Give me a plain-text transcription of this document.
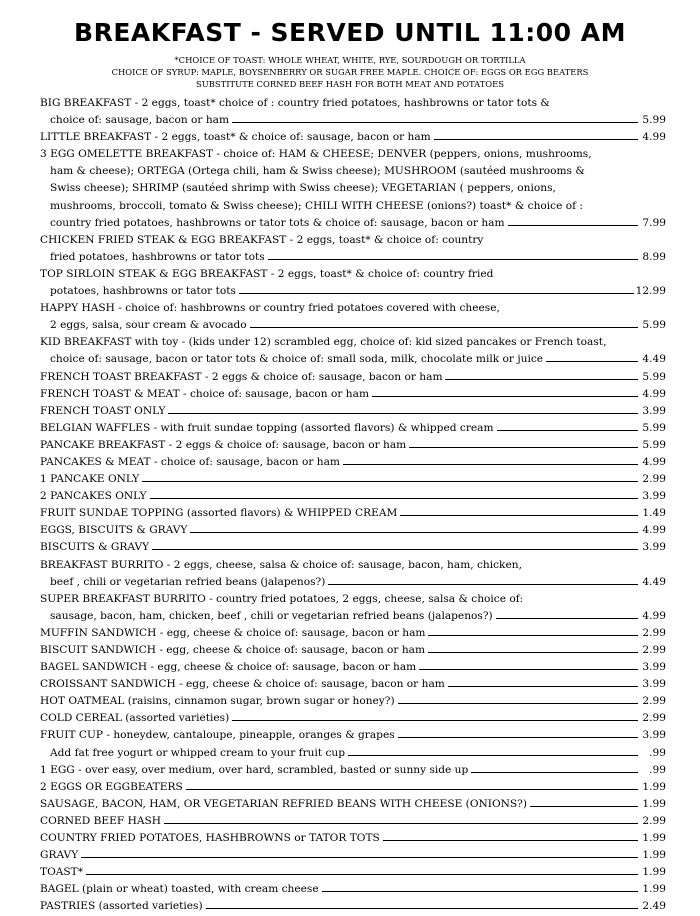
BREAKFAST - SERVED UNTIL 11:00 AM
*CHOICE OF TOAST: WHOLE WHEAT, WHITE, RYE, SOURDOUGH OR TORTILLA
CHOICE OF SYRUP: MAPLE, BOYSENBERRY OR SUGAR FREE MAPLE. CHOICE OF: EGGS OR EGG BEATERS
SUBSTITUTE CORNED BEEF HASH FOR BOTH MEAT AND POTATOES
BIG BREAKFAST - 2 eggs, toast* choice of : country fried potatoes, hashbrowns or tator tots &
choice of: sausage, bacon or ham	5.99
LITTLE BREAKFAST - 2 eggs, toast* & choice of: sausage, bacon or ham	4.99
3 EGG OMELETTE BREAKFAST - choice of: HAM & CHEESE; DENVER (peppers, onions, mushrooms,
ham & cheese); ORTEGA (Ortega chili, ham & Swiss cheese); MUSHROOM (sautéed mushrooms &
Swiss cheese); SHRIMP (sautéed shrimp with Swiss cheese); VEGETARIAN ( peppers, onions,
mushrooms, broccoli, tomato & Swiss cheese); CHILI WITH CHEESE (onions?) toast* & choice of :
country fried potatoes, hashbrowns or tator tots & choice of: sausage, bacon or ham	7.99
CHICKEN FRIED STEAK & EGG BREAKFAST - 2 eggs, toast* & choice of: country
fried potatoes, hashbrowns or tator tots	8.99
TOP SIRLOIN STEAK & EGG BREAKFAST - 2 eggs, toast* & choice of: country fried
potatoes, hashbrowns or tator tots	12.99
HAPPY HASH - choice of: hashbrowns or country fried potatoes covered with cheese,
2 eggs, salsa, sour cream & avocado	5.99
KID BREAKFAST with toy - (kids under 12) scrambled egg, choice of: kid sized pancakes or French toast,
choice of: sausage, bacon or tator tots & choice of: small soda, milk, chocolate milk or juice	4.49
FRENCH TOAST BREAKFAST - 2 eggs & choice of: sausage, bacon or ham	5.99
FRENCH TOAST & MEAT - choice of: sausage, bacon or ham	4.99
FRENCH TOAST ONLY	3.99
BELGIAN WAFFLES - with fruit sundae topping (assorted flavors) & whipped cream	5.99
PANCAKE BREAKFAST - 2 eggs & choice of: sausage, bacon or ham	5.99
PANCAKES & MEAT - choice of: sausage, bacon or ham	4.99
1 PANCAKE ONLY	2.99
2 PANCAKES ONLY	3.99
FRUIT SUNDAE TOPPING (assorted flavors) & WHIPPED CREAM	1.49
EGGS, BISCUITS & GRAVY	4.99
BISCUITS & GRAVY	3.99
BREAKFAST BURRITO - 2 eggs, cheese, salsa & choice of: sausage, bacon, ham, chicken,
beef , chili or vegetarian refried beans (jalapenos?)	4.49
SUPER BREAKFAST BURRITO - country fried potatoes, 2 eggs, cheese, salsa & choice of:
sausage, bacon, ham, chicken, beef , chili or vegetarian refried beans (jalapenos?)	4.99
MUFFIN SANDWICH - egg, cheese & choice of: sausage, bacon or ham	2.99
BISCUIT SANDWICH - egg, cheese & choice of: sausage, bacon or ham	2.99
BAGEL SANDWICH - egg, cheese & choice of: sausage, bacon or ham	3.99
CROISSANT SANDWICH - egg, cheese & choice of: sausage, bacon or ham	3.99
HOT OATMEAL (raisins, cinnamon sugar, brown sugar or honey?)	2.99
COLD CEREAL (assorted varieties)	2.99
FRUIT CUP - honeydew, cantaloupe, pineapple, oranges & grapes	3.99
Add fat free yogurt or whipped cream to your fruit cup	.99
1 EGG - over easy, over medium, over hard, scrambled, basted or sunny side up	.99
2 EGGS OR EGGBEATERS	1.99
SAUSAGE, BACON, HAM, OR VEGETARIAN REFRIED BEANS WITH CHEESE (ONIONS?)	1.99
CORNED BEEF HASH	2.99
COUNTRY FRIED POTATOES, HASHBROWNS or TATOR TOTS	1.99
GRAVY	1.99
TOAST*	1.99
BAGEL (plain or wheat) toasted, with cream cheese	1.99
PASTRIES (assorted varieties)	2.49
